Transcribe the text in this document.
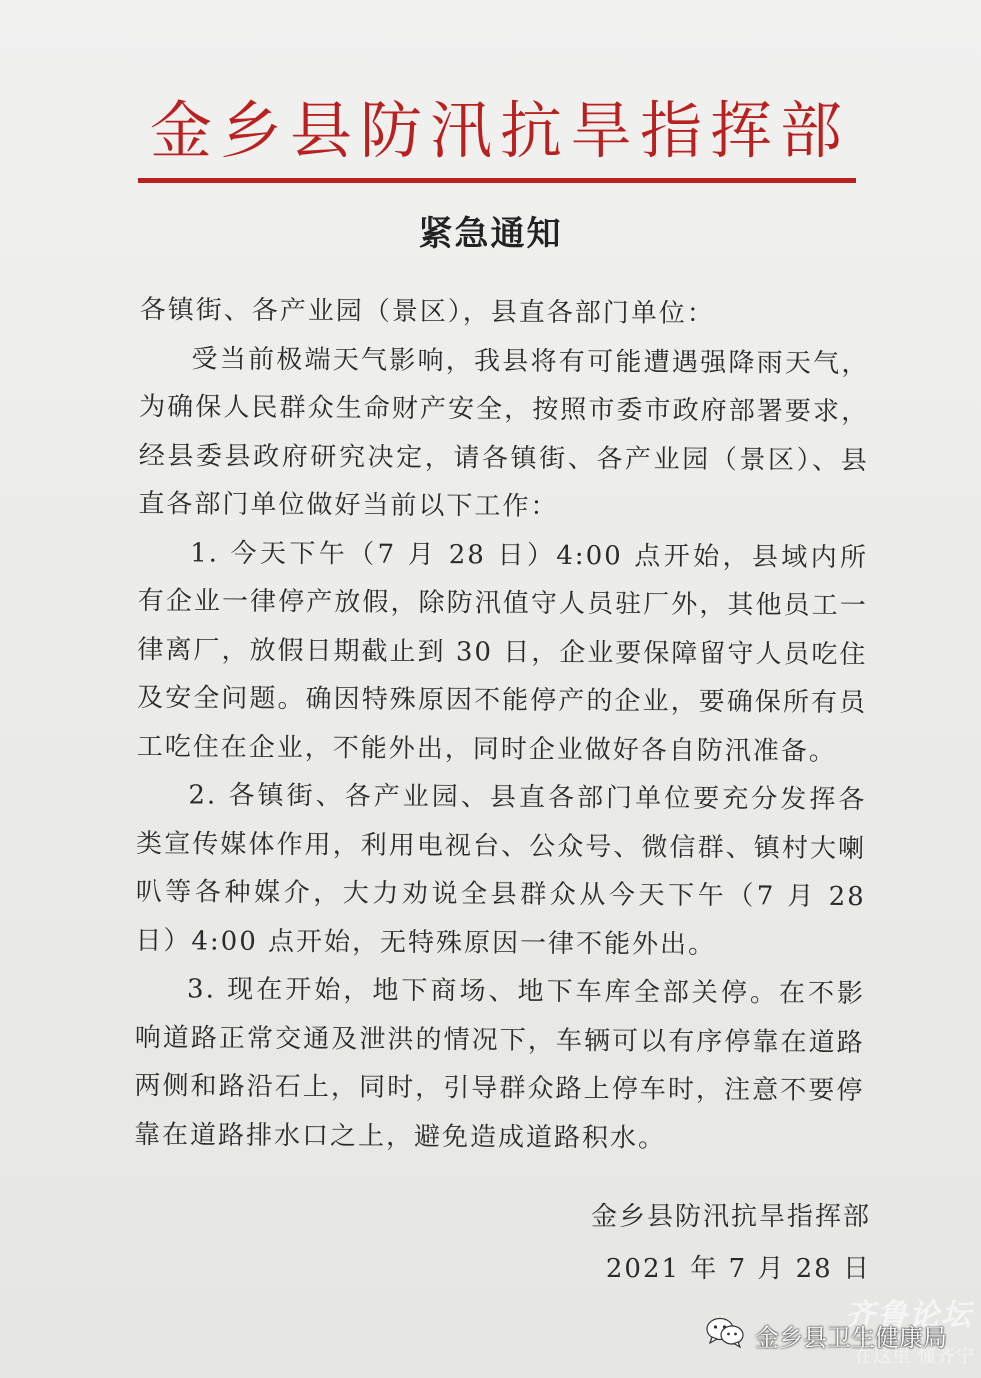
金乡县防汛抗旱指挥部
紧急通知

各镇街、各产业园（景区），县直各部门单位：

受当前极端天气影响，我县将有可能遭遇强降雨天气，为确保人民群众生命财产安全，按照市委市政府部署要求，经县委县政府研究决定，请各镇街、各产业园（景区）、县直各部门单位做好当前以下工作：

1. 今天下午（7 月 28 日）4:00 点开始，县域内所有企业一律停产放假，除防汛值守人员驻厂外，其他员工一律离厂，放假日期截止到 30 日，企业要保障留守人员吃住及安全问题。确因特殊原因不能停产的企业，要确保所有员工吃住在企业，不能外出，同时企业做好各自防汛准备。

2. 各镇街、各产业园、县直各部门单位要充分发挥各类宣传媒体作用，利用电视台、公众号、微信群、镇村大喇叭等各种媒介，大力劝说全县群众从今天下午（7 月 28 日）4:00 点开始，无特殊原因一律不能外出。

3. 现在开始，地下商场、地下车库全部关停。在不影响道路正常交通及泄洪的情况下，车辆可以有序停靠在道路两侧和路沿石上，同时，引导群众路上停车时，注意不要停靠在道路排水口之上，避免造成道路积水。

金乡县防汛抗旱指挥部
2021 年 7 月 28 日
齐鲁论坛
金乡县卫生健康局
在这里 懂齐宁
